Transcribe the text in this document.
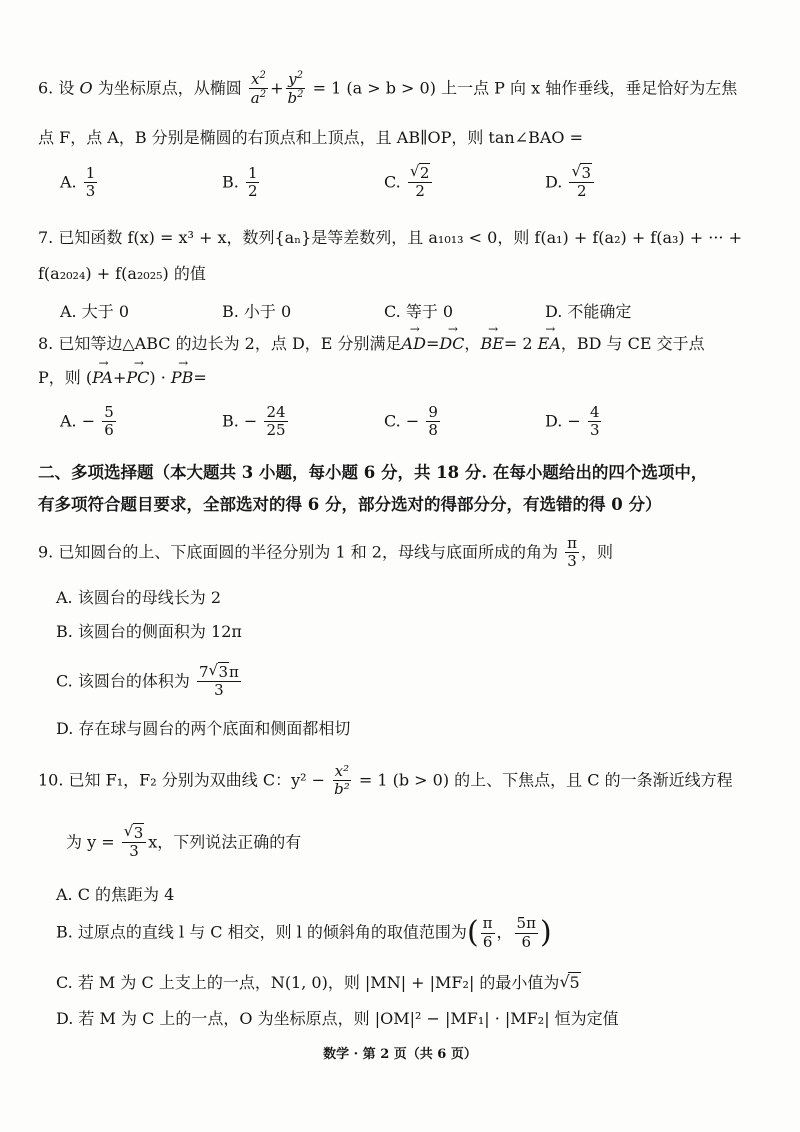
6. 设 O 为坐标原点，从椭圆 $\frac{x^2}{a^2} + \frac{y^2}{b^2} = 1$ (a > b > 0) 上一点 P 向 x 轴作垂线，垂足恰好为左焦
点 F，点 A，B 分别是椭圆的右顶点和上顶点，且 AB∥OP，则 tan∠BAO =
A. $\frac{1}{3}$	B. $\frac{1}{2}$	C. √ $\frac{2}{2}$	D. √ $\frac{3}{2}$
7. 已知函数 f(x) = x³ + x，数列{aₙ}是等差数列，且 a₁₀₁₃ < 0，则 f(a₁) + f(a₂) + f(a₃) + ··· +
f(a₂₀₂₄) + f(a₂₀₂₅) 的值
A. 大于 0	B. 小于 0	C. 等于 0	D. 不能确定
8. 已知等边△ABC 的边长为 2，点 D，E 分别满足AD →=DC →，BE →= 2 EA →，BD 与 CE 交于点
P，则 (PA →+PC →) · PB →=
A. − $\frac{5}{6}$	B. − $\frac{24}{25}$	C. − $\frac{9}{8}$	D. − $\frac{4}{3}$
二、多项选择题（本大题共 3 小题，每小题 6 分，共 18 分. 在每小题给出的四个选项中，
有多项符合题目要求，全部选对的得 6 分，部分选对的得部分分，有选错的得 0 分）
9. 已知圆台的上、下底面圆的半径分别为 1 和 2，母线与底面所成的角为 $\frac{\pi}{3}$ ，则
A. 该圆台的母线长为 2
B. 该圆台的侧面积为 12π
C. 该圆台的体积为 $\frac{7 √ 3\pi}{3}$
D. 存在球与圆台的两个底面和侧面都相切
10. 已知 F₁，F₂ 分别为双曲线 C：$y^2 - \frac{\text{x²}}{\text{b²}} = 1$ (b > 0) 的上、下焦点，且 C 的一条渐近线方程
为 y = √ $\frac{3}{3}$ x，下列说法正确的有
A. C 的焦距为 4
B. 过原点的直线 l 与 C 相交，则 l 的倾斜角的取值范围为( $\frac{\pi}{6}$ ， $\frac{5\pi}{6}$ )
C. 若 M 为 C 上支上的一点，N(1, 0)，则 |MN| + |MF₂| 的最小值为 √ 5
D. 若 M 为 C 上的一点，O 为坐标原点，则 |OM|² − |MF₁| · |MF₂| 恒为定值
数学 · 第 2 页（共 6 页）
